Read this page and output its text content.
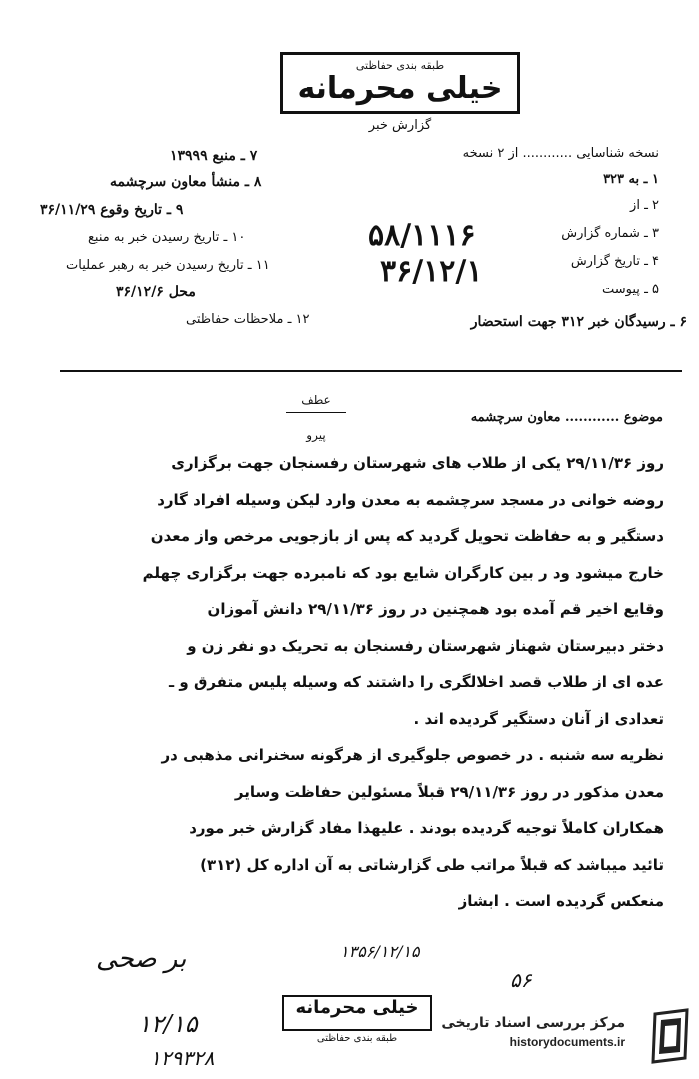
طبقه بندی حفاظتی
خیلی محرمانه
گزارش خبر
نسخه شناسایی ............ از ۲ نسخه
۱ ـ به ۳۲۳
۲ ـ از
۳ ـ شماره گزارش
۴ ـ تاریخ گزارش
۵ ـ پیوست
۶ ـ رسیدگان خبر ۳۱۲ جهت استحضار
۷ ـ منبع ۱۳۹۹۹
۸ ـ منشأ معاون سرچشمه
۹ ـ تاریخ وقوع ۳۶/۱۱/۲۹
۱۰ ـ تاریخ رسیدن خبر به منبع
۱۱ ـ تاریخ رسیدن خبر به رهبر عملیات
محل ۳۶/۱۲/۶
۱۲ ـ ملاحظات حفاظتی
۵۸/۱۱۱۶
۳۶/۱۲/۱
عطف
پیرو
موضوع ............ معاون سرچشمه

روز ۲۹/۱۱/۳۶ یکی از طلاب های شهرستان رفسنجان جهت برگزاری

روضه خوانی در مسجد سرچشمه به معدن وارد لیکن وسیله افراد گارد

دستگیر و به حفاظت تحویل گردید که پس از بازجویی مرخص واز معدن

خارج میشود ود ر بین کارگران شایع بود که نامبرده جهت برگزاری چهلم

وقایع اخیر قم آمده بود همچنین در روز ۲۹/۱۱/۳۶ دانش آموزان

دختر دبیرستان شهناز شهرستان رفسنجان به تحریک دو نفر زن و

عده ای از طلاب قصد اخلالگری را داشتند که وسیله پلیس متفرق و ـ

تعدادی از آنان دستگیر گردیده اند .

نظریه سه شنبه . در خصوص جلوگیری از هرگونه سخنرانی مذهبی در

معدن مذکور در روز ۲۹/۱۱/۳۶ قبلاً مسئولین حفاظت وسایر

همکاران کاملاً توجیه گردیده بودند . علیهذا مفاد گزارش خبر مورد

تائید میباشد که قبلاً مراتب طی گزارشاتی به آن اداره کل (۳۱۲)

منعکس گردیده است . ابشاز

بر صحی	۱۳۵۶/۱۲/۱۵
۵۶
۱۲/۱۵
۱۲۹۳۲۸
خیلی محرمانه
طبقه بندی حفاظتی
مرکز بررسی اسناد تاریخی
historydocuments.ir
